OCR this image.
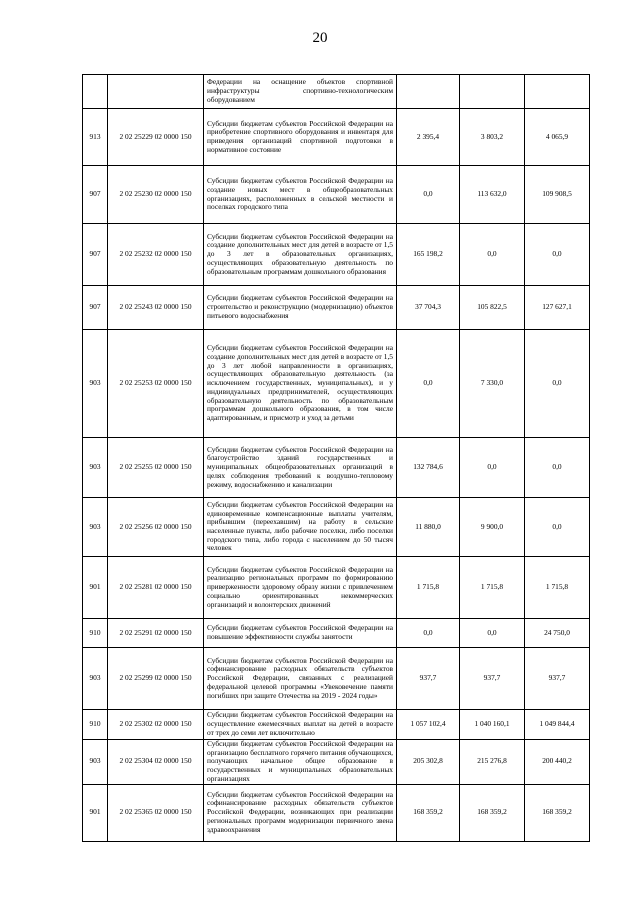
20
		Федерации на оснащение объектов спортивной инфраструктуры спортивно-технологическим оборудованием			
913	2 02 25229 02 0000 150	Субсидии бюджетам субъектов Российской Федерации на приобретение спортивного оборудования и инвентаря для приведения организаций спортивной подготовки в нормативное состояние	2 395,4	3 803,2	4 065,9
907	2 02 25230 02 0000 150	Субсидии бюджетам субъектов Российской Федерации на создание новых мест в общеобразовательных организациях, расположенных в сельской местности и поселках городского типа	0,0	113 632,0	109 908,5
907	2 02 25232 02 0000 150	Субсидии бюджетам субъектов Российской Федерации на создание дополнительных мест для детей в возрасте от 1,5 до 3 лет в образовательных организациях, осуществляющих образовательную деятельность по образовательным программам дошкольного образования	165 198,2	0,0	0,0
907	2 02 25243 02 0000 150	Субсидии бюджетам субъектов Российской Федерации на строительство и реконструкцию (модернизацию) объектов питьевого водоснабжения	37 704,3	105 822,5	127 627,1
903	2 02 25253 02 0000 150	Субсидии бюджетам субъектов Российской Федерации на создание дополнительных мест для детей в возрасте от 1,5 до 3 лет любой направленности в организациях, осуществляющих образовательную деятельность (за исключением государственных, муниципальных), и у индивидуальных предпринимателей, осуществляющих образовательную деятельность по образовательным программам дошкольного образования, в том числе адаптированным, и присмотр и уход за детьми	0,0	7 330,0	0,0
903	2 02 25255 02 0000 150	Субсидии бюджетам субъектов Российской Федерации на благоустройство зданий государственных и муниципальных общеобразовательных организаций в целях соблюдения требований к воздушно-тепловому режиму, водоснабжению и канализации	132 784,6	0,0	0,0
903	2 02 25256 02 0000 150	Субсидии бюджетам субъектов Российской Федерации на единовременные компенсационные выплаты учителям, прибывшим (переехавшим) на работу в сельские населенные пункты, либо рабочие поселки, либо поселки городского типа, либо города с населением до 50 тысяч человек	11 880,0	9 900,0	0,0
901	2 02 25281 02 0000 150	Субсидии бюджетам субъектов Российской Федерации на реализацию региональных программ по формированию приверженности здоровому образу жизни с привлечением социально ориентированных некоммерческих организаций и волонтерских движений	1 715,8	1 715,8	1 715,8
910	2 02 25291 02 0000 150	Субсидии бюджетам субъектов Российской Федерации на повышение эффективности службы занятости	0,0	0,0	24 750,0
903	2 02 25299 02 0000 150	Субсидии бюджетам субъектов Российской Федерации на софинансирование расходных обязательств субъектов Российской Федерации, связанных с реализацией федеральной целевой программы «Увековечение памяти погибших при защите Отечества на 2019 - 2024 годы»	937,7	937,7	937,7
910	2 02 25302 02 0000 150	Субсидии бюджетам субъектов Российской Федерации на осуществление ежемесячных выплат на детей в возрасте от трех до семи лет включительно	1 057 102,4	1 040 160,1	1 049 844,4
903	2 02 25304 02 0000 150	Субсидии бюджетам субъектов Российской Федерации на организацию бесплатного горячего питания обучающихся, получающих начальное общее образование в государственных и муниципальных образовательных организациях	205 302,8	215 276,8	200 440,2
901	2 02 25365 02 0000 150	Субсидии бюджетам субъектов Российской Федерации на софинансирование расходных обязательств субъектов Российской Федерации, возникающих при реализации региональных программ модернизации первичного звена здравоохранения	168 359,2	168 359,2	168 359,2
